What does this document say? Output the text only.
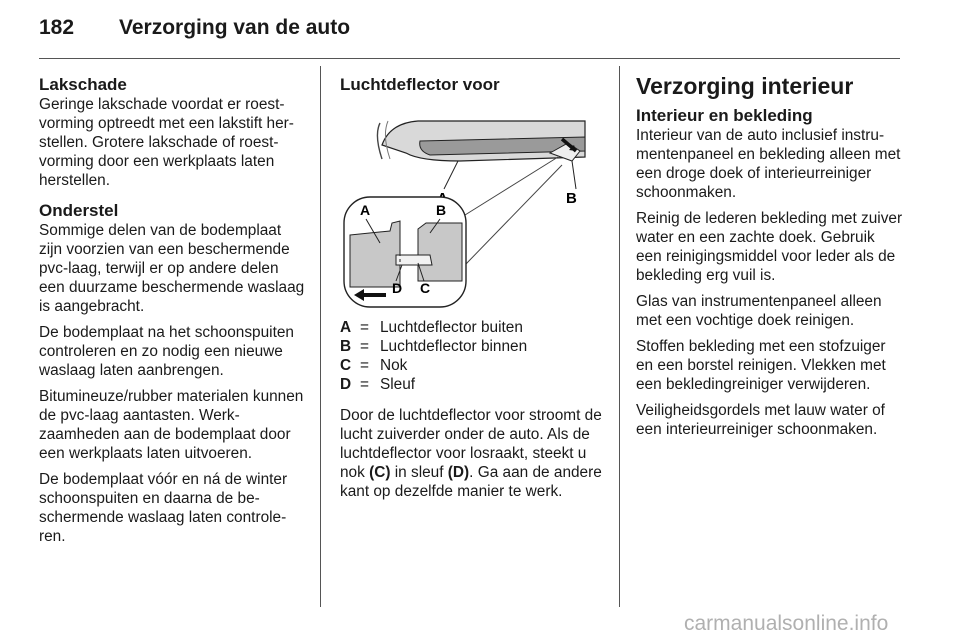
182 Verzorging van de auto
Lakschade

Geringe lakschade voordat er roestvorming optreedt met een lakstift herstellen. Grotere lakschade of roestvorming door een werkplaats laten herstellen.

Onderstel

Sommige delen van de bodemplaat zijn voorzien van een beschermende pvc-laag, terwijl er op andere delen een duurzame beschermende waslaag is aangebracht.

De bodemplaat na het schoonspuiten controleren en zo nodig een nieuwe waslaag laten aanbrengen.

Bitumineuze/rubber materialen kunnen de pvc-laag aantasten. Werkzaamheden aan de bodemplaat door een werkplaats laten uitvoeren.

De bodemplaat vóór en ná de winter schoonspuiten en daarna de beschermende waslaag laten controleren.

Luchtdeflector voor
B
A	B
D C
A = Luchtdeflector buiten
B = Luchtdeflector binnen
C = Nok
D = Sleuf

Door de luchtdeflector voor stroomt de lucht zuiverder onder de auto. Als de luchtdeflector voor losraakt, steekt u nok (C) in sleuf (D). Ga aan de andere kant op dezelfde manier te werk.

Verzorging interieur
Interieur en bekleding

Interieur van de auto inclusief instrumentenpaneel en bekleding alleen met een droge doek of interieurreiniger schoonmaken.

Reinig de lederen bekleding met zuiver water en een zachte doek. Gebruik een reinigingsmiddel voor leder als de bekleding erg vuil is.

Glas van instrumentenpaneel alleen met een vochtige doek reinigen.

Stoffen bekleding met een stofzuiger en een borstel reinigen. Vlekken met een bekledingreiniger verwijderen.

Veiligheidsgordels met lauw water of een interieurreiniger schoonmaken.

carmanualsonline.info
